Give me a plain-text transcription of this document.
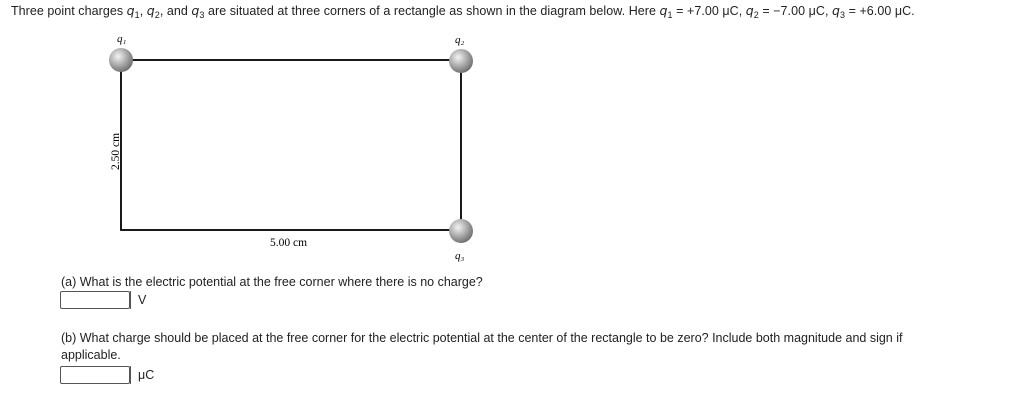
Three point charges $q_1$, $q_2$, and $q_3$ are situated at three corners of a rectangle as shown in the diagram below. Here $q_1 = +7.00$ μC, $q_2 = -7.00$ μC, $q_3 = +6.00$ μC.
q₁	q₂
q₃
5.00 cm
2.50 cm
(a) What is the electric potential at the free corner where there is no charge?
V
(b) What charge should be placed at the free corner for the electric potential at the center of the rectangle to be zero? Include both magnitude and sign if
applicable.
μC
